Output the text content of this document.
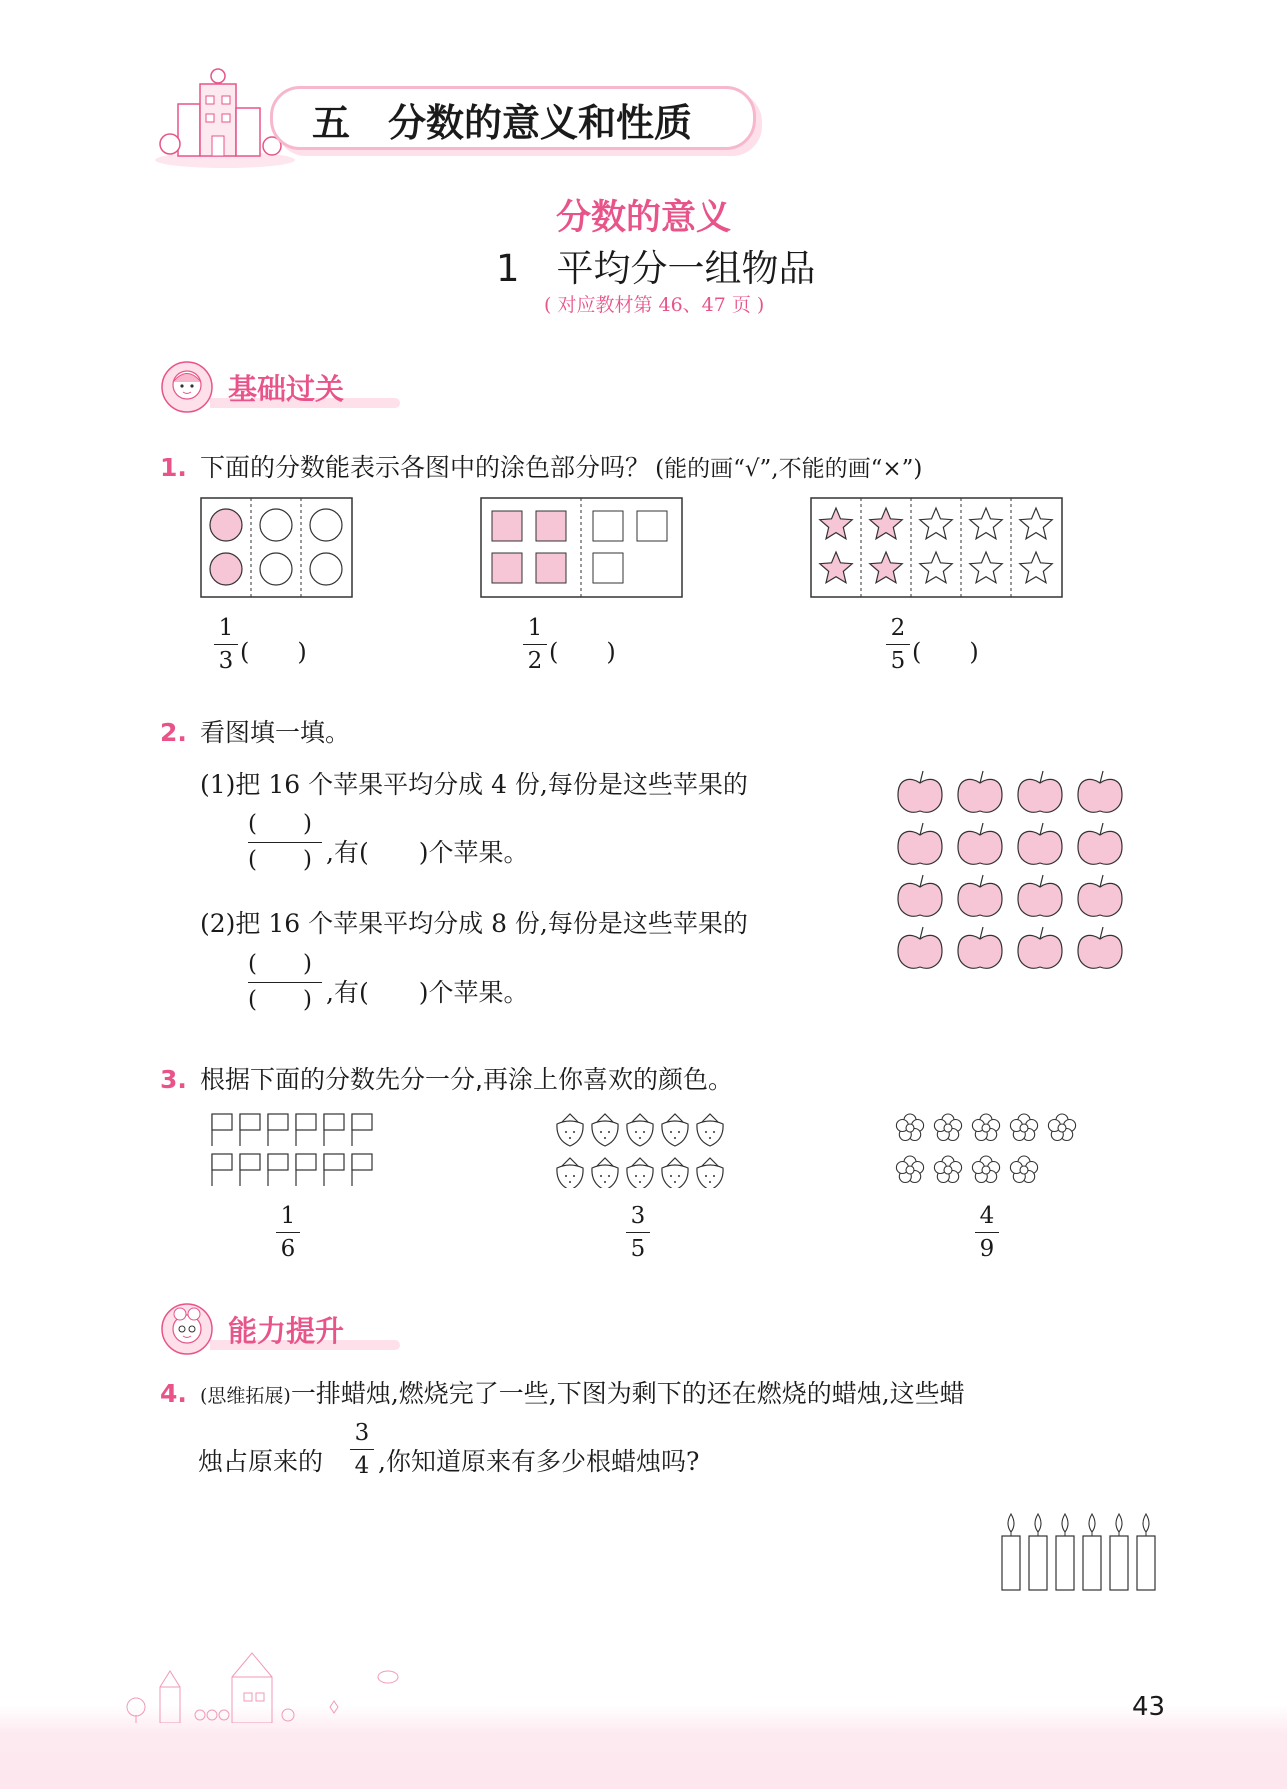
五　分数的意义和性质
分数的意义
1　平均分一组物品
( 对应教材第 46、47 页 )
基础过关
1. 下面的分数能表示各图中的涂色部分吗？ (能的画“√”,不能的画“×”)
1
3 (　　)
1
2 (　　)
2
5 (　　)
2. 看图填一填。
(1)把 16 个苹果平均分成 4 份,每份是这些苹果的
(　　)
(　　) ,有(　　)个苹果。
(2)把 16 个苹果平均分成 8 份,每份是这些苹果的
(　　)
(　　) ,有(　　)个苹果。
3. 根据下面的分数先分一分,再涂上你喜欢的颜色。
1
6
3
5
4
9
能力提升
4. (思维拓展)一排蜡烛,燃烧完了一些,下图为剩下的还在燃烧的蜡烛,这些蜡
烛占原来的
3
4 ,你知道原来有多少根蜡烛吗?
43
